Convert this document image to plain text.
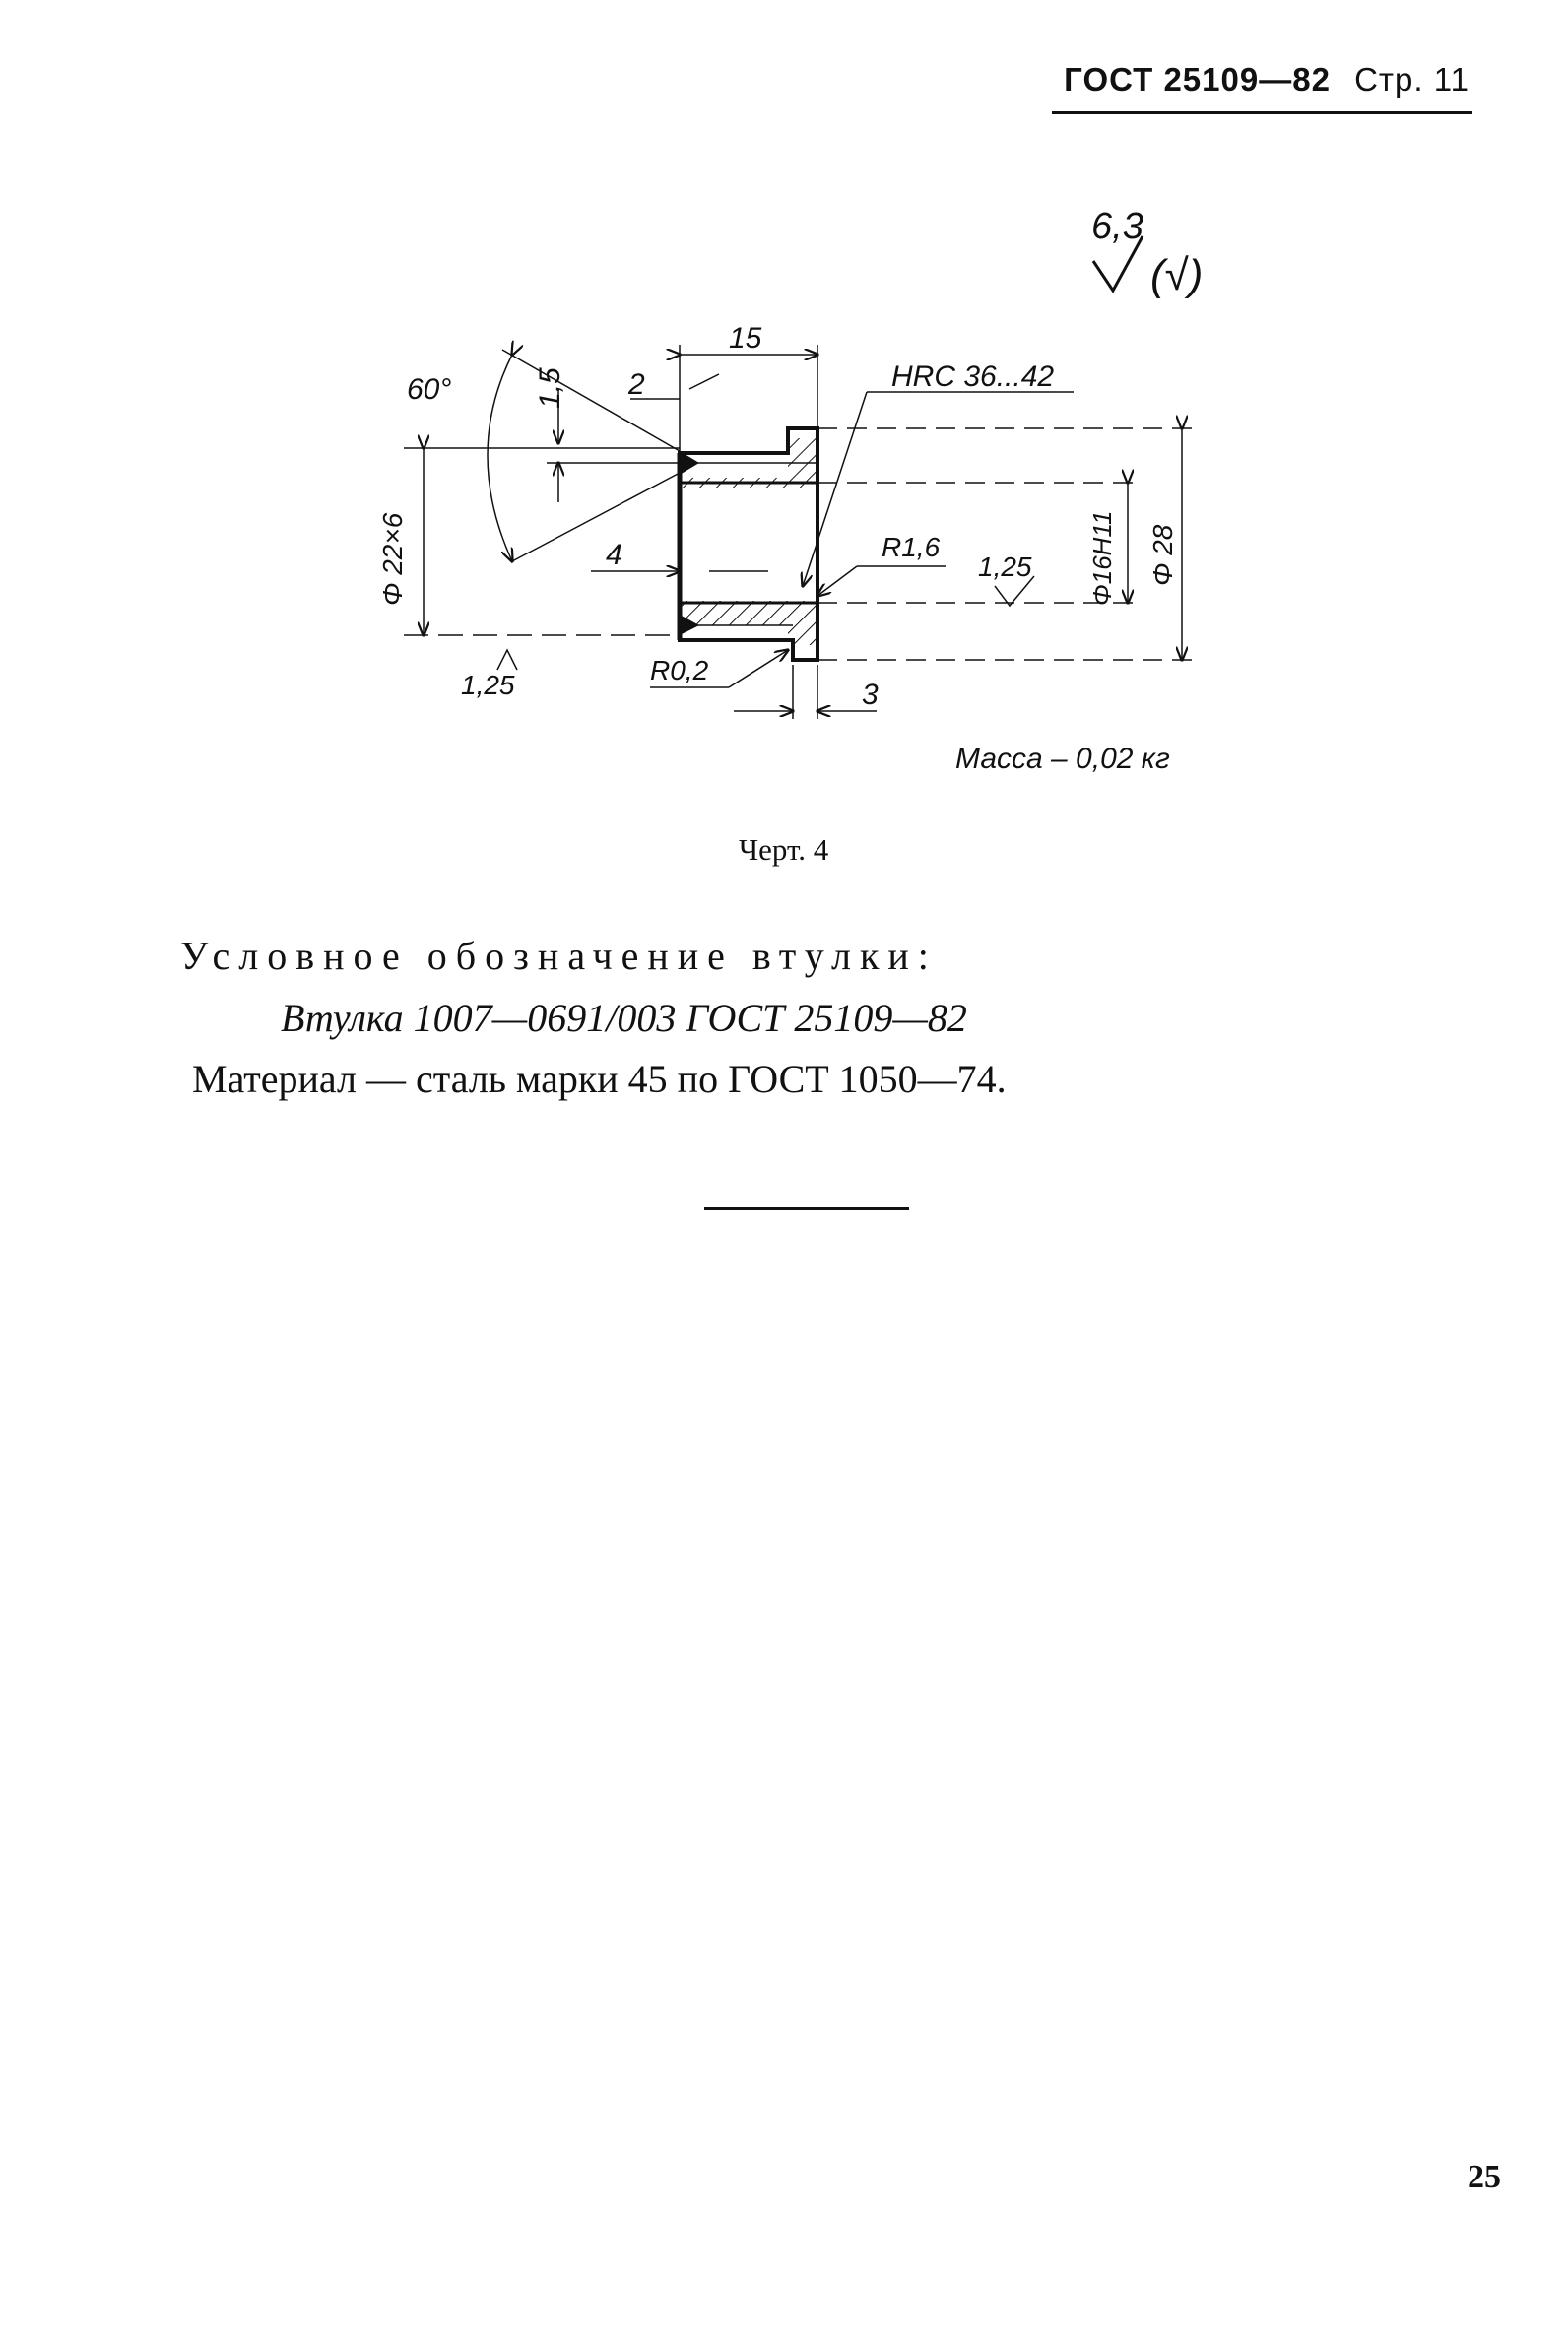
ГОСТ 25109—82 Стр. 11
6,3
(√)
15
2
1,5
60°	HRC 36...42
Φ 22×6
1,25
4	R1,6
1,25 Φ16H11 Φ 28
R0,2
3
Масса – 0,02 кг
Черт. 4
Условное обозначение втулки:
Втулка 1007—0691/003 ГОСТ 25109—82
Материал — сталь марки 45 по ГОСТ 1050—74.
25
